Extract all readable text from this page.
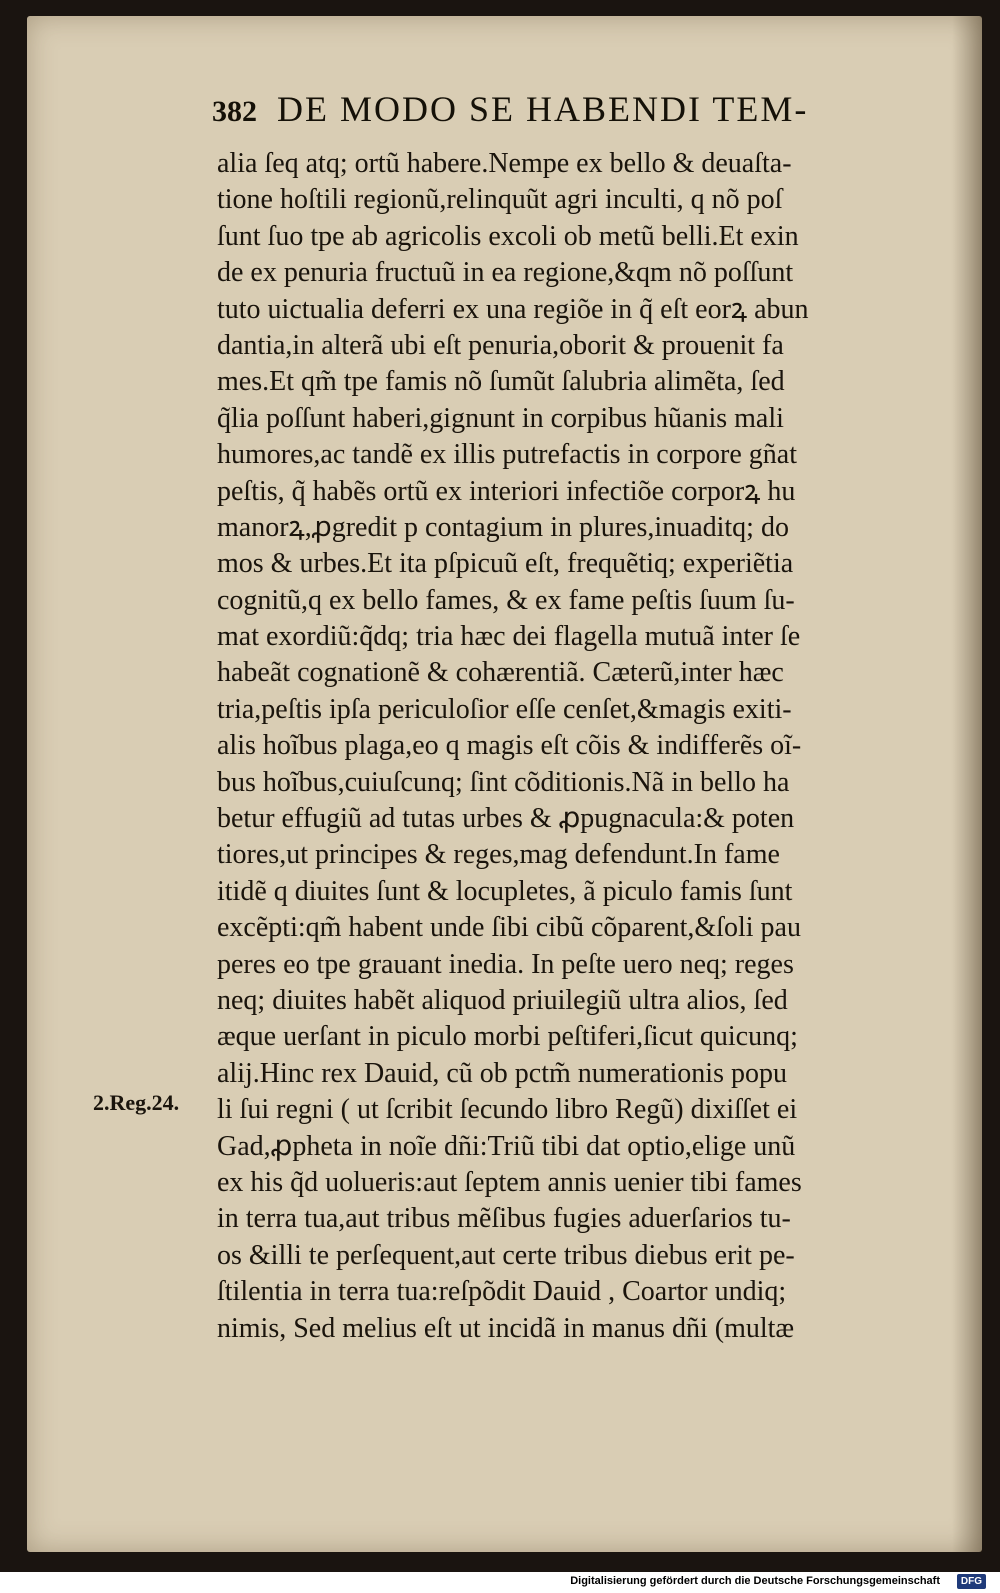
382 DE MODO SE HABENDI TEM-
alia ſeq atq; ortũ habere.Nempe ex bello & deuaſta-
tione hoſtili regionũ,relinquũt agri inculti, q nõ poſ
ſunt ſuo tpe ab agricolis excoli ob metũ belli.Et exin
de ex penuria fructuũ in ea regione,&qm nõ poſſunt
tuto uictualia deferri ex una regiõe in q̃ eſt eorꝝ abun
dantia,in alterã ubi eſt penuria,oborit & prouenit fa
mes.Et qm̃ tpe famis nõ ſumũt ſalubria alimẽta, ſed
q̃lia poſſunt haberi,gignunt in corpibus hũanis mali
humores,ac tandẽ ex illis putrefactis in corpore gñat
peſtis, q̃ habẽs ortũ ex interiori infectiõe corporꝝ hu
manorꝝ,ꝓgredit p contagium in plures,inuaditq; do
mos & urbes.Et ita pſpicuũ eſt, frequẽtiq; experiẽtia
cognitũ,q ex bello fames, & ex fame peſtis ſuum ſu-
mat exordiũ:q̃dq; tria hæc dei flagella mutuã inter ſe
habeãt cognationẽ & cohærentiã. Cæterũ,inter hæc
tria,peſtis ipſa periculoſior eſſe cenſet,&magis exiti-
alis hoĩbus plaga,eo q magis eſt cõis & indifferẽs oĩ-
bus hoĩbus,cuiuſcunq; ſint cõditionis.Nã in bello ha
betur effugiũ ad tutas urbes & ꝓpugnacula:& poten
tiores,ut principes & reges,mag defendunt.In fame
itidẽ q diuites ſunt & locupletes, ã piculo famis ſunt
excẽpti:qm̃ habent unde ſibi cibũ cõparent,&ſoli pau
peres eo tpe grauant inedia. In peſte uero neq; reges
neq; diuites habẽt aliquod priuilegiũ ultra alios, ſed
æque uerſant in piculo morbi peſtiferi,ſicut quicunq;
alij.Hinc rex Dauid, cũ ob pctm̃ numerationis popu
li ſui regni ( ut ſcribit ſecundo libro Regũ) dixiſſet ei
Gad,ꝓpheta in noĩe dñi:Triũ tibi dat optio,elige unũ
ex his q̃d uolueris:aut ſeptem annis uenier tibi fames
in terra tua,aut tribus mẽſibus fugies aduerſarios tu-
os &illi te perſequent,aut certe tribus diebus erit pe-
ſtilentia in terra tua:reſpõdit Dauid , Coartor undiq;
nimis, Sed melius eſt ut incidã in manus dñi (multæ
2.Reg.24.
Digitalisierung gefördert durch die Deutsche Forschungsgemeinschaft	DFG
